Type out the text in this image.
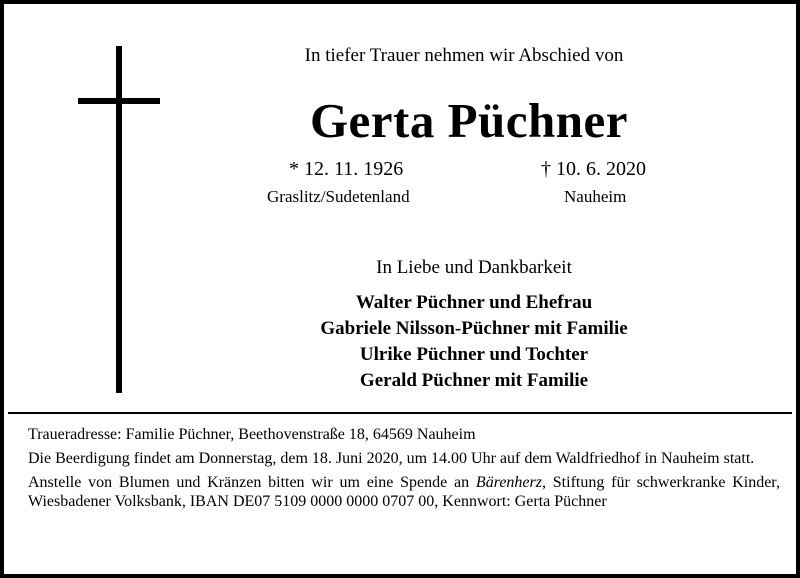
In tiefer Trauer nehmen wir Abschied von
Gerta Püchner
* 12. 11. 1926
Graslitz/Sudetenland
† 10. 6. 2020
Nauheim
In Liebe und Dankbarkeit
Walter Püchner und Ehefrau
Gabriele Nilsson-Püchner mit Familie
Ulrike Püchner und Tochter
Gerald Püchner mit Familie

Traueradresse: Familie Püchner, Beethovenstraße 18, 64569 Nauheim

Die Beerdigung findet am Donnerstag, dem 18. Juni 2020, um 14.00 Uhr auf dem Waldfriedhof in Nauheim statt.

Anstelle von Blumen und Kränzen bitten wir um eine Spende an Bärenherz, Stiftung für schwerkranke Kinder, Wiesbadener Volksbank, IBAN DE07 5109 0000 0000 0707 00, Kennwort: Gerta Püchner
